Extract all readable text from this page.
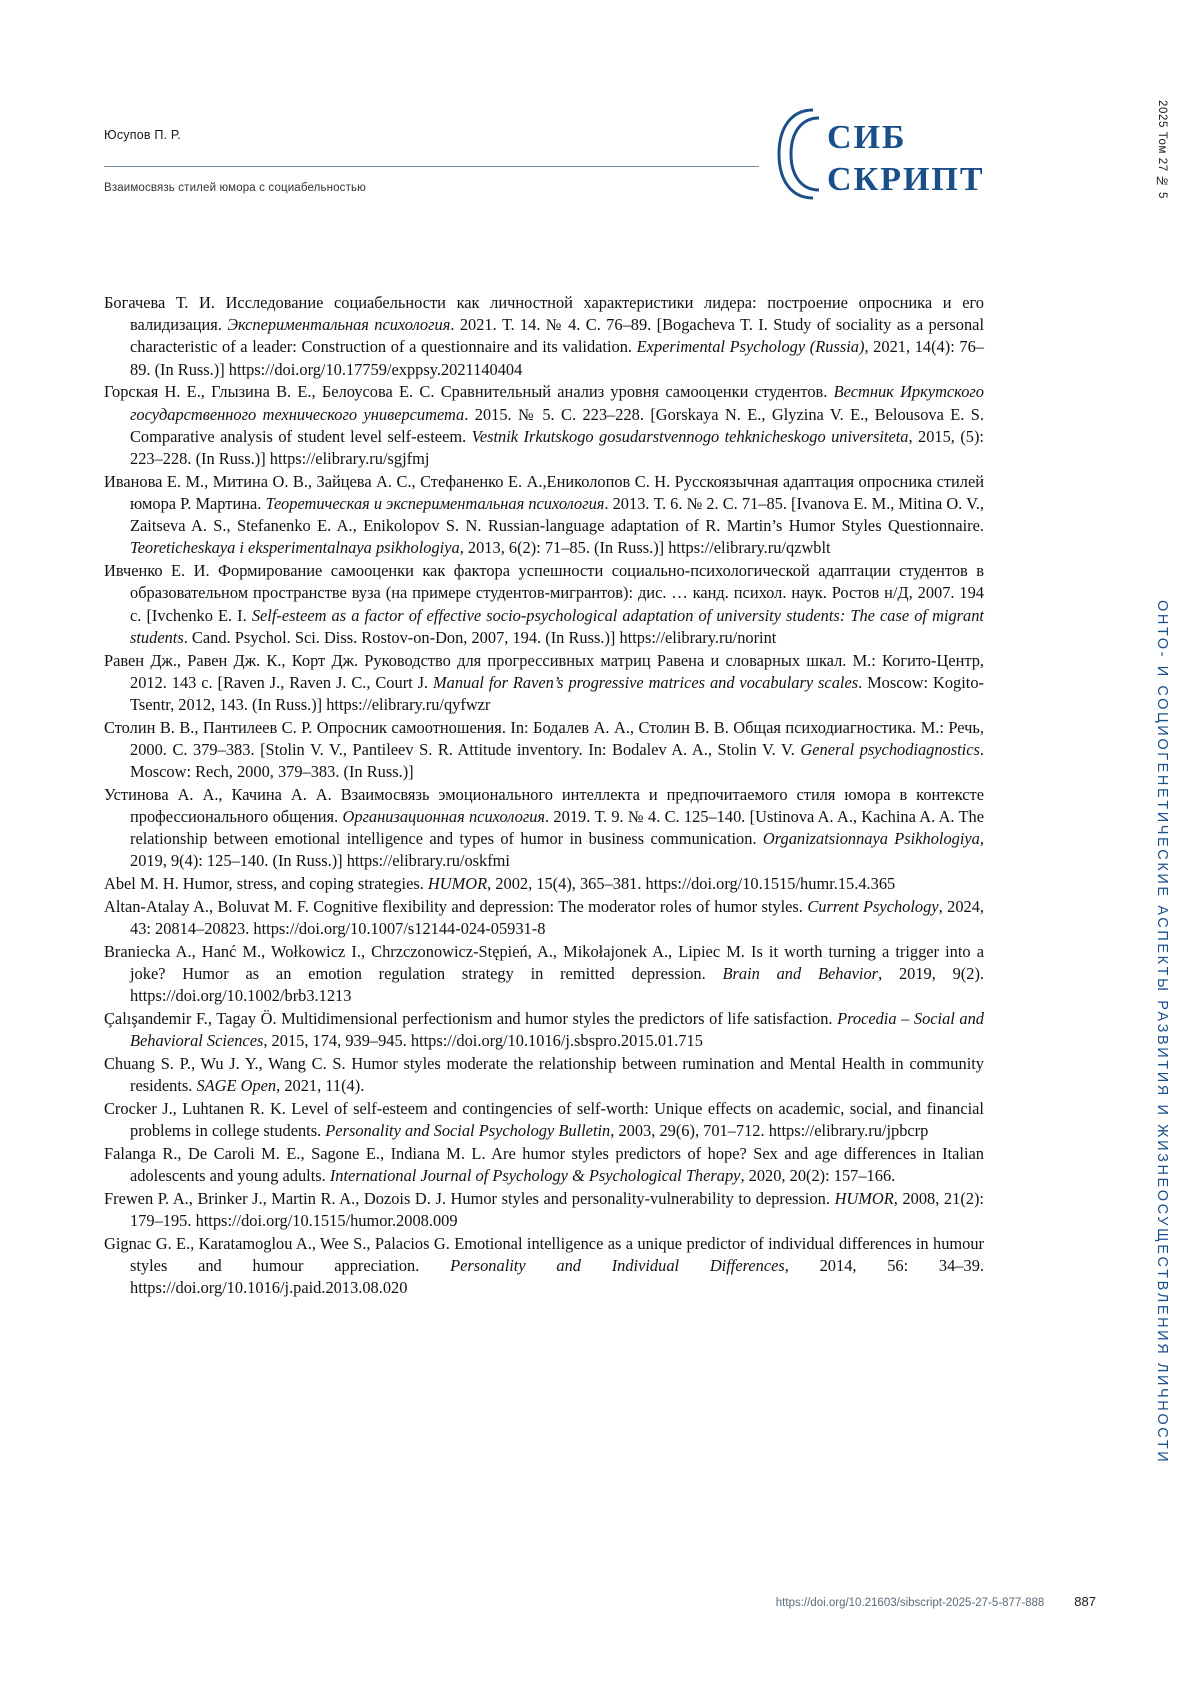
Юсупов П. Р.
Взаимосвязь стилей юмора с социабельностью
СИБ
СКРИПТ	2025 Том 27 № 5
ОНТО- И СОЦИОГЕНЕТИЧЕСКИЕ АСПЕКТЫ РАЗВИТИЯ И ЖИЗНЕОСУЩЕСТВЛЕНИЯ ЛИЧНОСТИ
Богачева Т. И. Исследование социабельности как личностной характеристики лидера: построение опросника и его валидизация. Экспериментальная психология. 2021. Т. 14. № 4. С. 76–89. [Bogacheva T. I. Study of sociality as a personal characteristic of a leader: Construction of a questionnaire and its validation. Experimental Psychology (Russia), 2021, 14(4): 76–89. (In Russ.)] https://doi.org/10.17759/exppsy.2021140404
Горская Н. Е., Глызина В. Е., Белоусова Е. С. Сравнительный анализ уровня самооценки студентов. Вестник Иркутского государственного технического университета. 2015. № 5. С. 223–228. [Gorskaya N. E., Glyzina V. E., Belousova E. S. Comparative analysis of student level self-esteem. Vestnik Irkutskogo gosudarstvennogo tehknicheskogo universiteta, 2015, (5): 223–228. (In Russ.)] https://elibrary.ru/sgjfmj
Иванова Е. М., Митина О. В., Зайцева А. С., Стефаненко Е. А.,Ениколопов С. Н. Русскоязычная адаптация опросника стилей юмора Р. Мартина. Теоретическая и экспериментальная психология. 2013. Т. 6. № 2. С. 71–85. [Ivanova E. M., Mitina O. V., Zaitseva A. S., Stefanenko E. A., Enikolopov S. N. Russian-language adaptation of R. Martin’s Humor Styles Questionnaire. Teoreticheskaya i eksperimentalnaya psikhologiya, 2013, 6(2): 71–85. (In Russ.)] https://elibrary.ru/qzwblt
Ивченко Е. И. Формирование самооценки как фактора успешности социально-психологической адаптации студентов в образовательном пространстве вуза (на примере студентов-мигрантов): дис. … канд. психол. наук. Ростов н/Д, 2007. 194 с. [Ivchenko E. I. Self-esteem as a factor of effective socio-psychological adaptation of university students: The case of migrant students. Cand. Psychol. Sci. Diss. Rostov-on-Don, 2007, 194. (In Russ.)] https://elibrary.ru/norint
Равен Дж., Равен Дж. К., Корт Дж. Руководство для прогрессивных матриц Равена и словарных шкал. М.: Когито-Центр, 2012. 143 с. [Raven J., Raven J. C., Court J. Manual for Raven’s progressive matrices and vocabulary scales. Moscow: Kogito-Tsentr, 2012, 143. (In Russ.)] https://elibrary.ru/qyfwzr
Столин В. В., Пантилеев С. Р. Опросник самоотношения. In: Бодалев А. А., Столин В. В. Общая психодиагностика. М.: Речь, 2000. С. 379–383. [Stolin V. V., Pantileev S. R. Attitude inventory. In: Bodalev A. A., Stolin V. V. General psychodiagnostics. Moscow: Rech, 2000, 379–383. (In Russ.)]
Устинова А. А., Качина А. А. Взаимосвязь эмоционального интеллекта и предпочитаемого стиля юмора в контексте профессионального общения. Организационная психология. 2019. Т. 9. № 4. С. 125–140. [Ustinova A. A., Kachina A. A. The relationship between emotional intelligence and types of humor in business communication. Organizatsionnaya Psikhologiya, 2019, 9(4): 125–140. (In Russ.)] https://elibrary.ru/oskfmi
Abel M. H. Humor, stress, and coping strategies. HUMOR, 2002, 15(4), 365–381. https://doi.org/10.1515/humr.15.4.365
Altan-Atalay A., Boluvat M. F. Cognitive flexibility and depression: The moderator roles of humor styles. Current Psychology, 2024, 43: 20814–20823. https://doi.org/10.1007/s12144-024-05931-8
Braniecka A., Hanć M., Wołkowicz I., Chrzczonowicz-Stępień, A., Mikołajonek A., Lipiec M. Is it worth turning a trigger into a joke? Humor as an emotion regulation strategy in remitted depression. Brain and Behavior, 2019, 9(2). https://doi.org/10.1002/brb3.1213
Çalışandemir F., Tagay Ö. Multidimensional perfectionism and humor styles the predictors of life satisfaction. Procedia – Social and Behavioral Sciences, 2015, 174, 939–945. https://doi.org/10.1016/j.sbspro.2015.01.715
Chuang S. P., Wu J. Y., Wang C. S. Humor styles moderate the relationship between rumination and Mental Health in community residents. SAGE Open, 2021, 11(4).
Crocker J., Luhtanen R. K. Level of self-esteem and contingencies of self-worth: Unique effects on academic, social, and financial problems in college students. Personality and Social Psychology Bulletin, 2003, 29(6), 701–712. https://elibrary.ru/jpbcrp
Falanga R., De Caroli M. E., Sagone E., Indiana M. L. Are humor styles predictors of hope? Sex and age differences in Italian adolescents and young adults. International Journal of Psychology & Psychological Therapy, 2020, 20(2): 157–166.
Frewen P. A., Brinker J., Martin R. A., Dozois D. J. Humor styles and personality-vulnerability to depression. HUMOR, 2008, 21(2): 179–195. https://doi.org/10.1515/humor.2008.009
Gignac G. E., Karatamoglou A., Wee S., Palacios G. Emotional intelligence as a unique predictor of individual differences in humour styles and humour appreciation. Personality and Individual Differences, 2014, 56: 34–39. https://doi.org/10.1016/j.paid.2013.08.020
https://doi.org/10.21603/sibscript-2025-27-5-877-888 887
